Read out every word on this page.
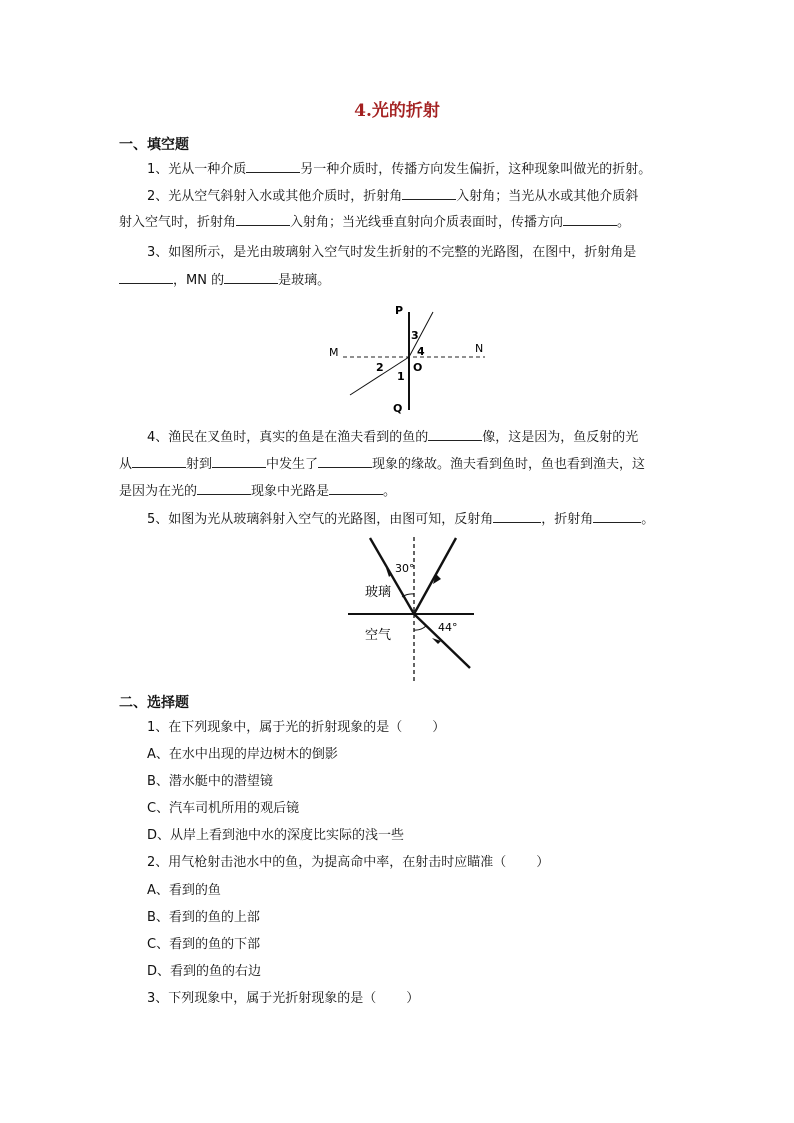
4.光的折射
一、填空题
1、光从一种介质	另一种介质时，传播方向发生偏折，这种现象叫做光的折射。
2、光从空气斜射入水或其他介质时，折射角	入射角；当光从水或其他介质斜
射入空气时，折射角	入射角；当光线垂直射向介质表面时，传播方向	。
3、如图所示，是光由玻璃射入空气时发生折射的不完整的光路图，在图中，折射角是
，MN 的	是玻璃。
M	N
P
Q
O
1
2
3
4
4、渔民在叉鱼时，真实的鱼是在渔夫看到的鱼的	像，这是因为，鱼反射的光
从	射到	中发生了	现象的缘故。渔夫看到鱼时，鱼也看到渔夫，这
是因为在光的	现象中光路是	。
5、如图为光从玻璃斜射入空气的光路图，由图可知，反射角	，折射角	。
30°
44°
玻璃
空气
二、选择题
1、在下列现象中，属于光的折射现象的是（ ）
A、在水中出现的岸边树木的倒影
B、潜水艇中的潜望镜
C、汽车司机所用的观后镜
D、从岸上看到池中水的深度比实际的浅一些
2、用气枪射击池水中的鱼，为提高命中率，在射击时应瞄准（ ）
A、看到的鱼
B、看到的鱼的上部
C、看到的鱼的下部
D、看到的鱼的右边
3、下列现象中，属于光折射现象的是（ ）
